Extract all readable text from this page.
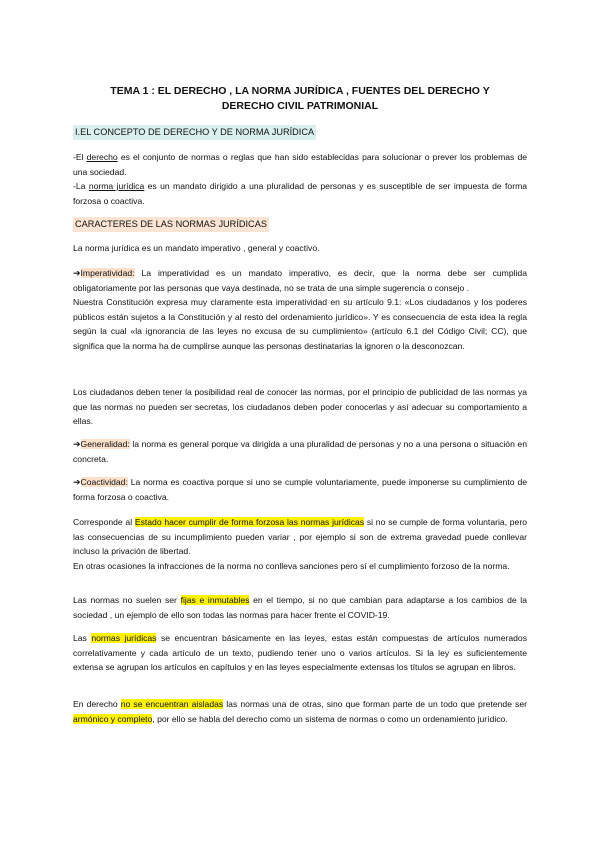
TEMA 1 : EL DERECHO , LA NORMA JURÍDICA , FUENTES DEL DERECHO Y
DERECHO CIVIL PATRIMONIAL
I.EL CONCEPTO DE DERECHO Y DE NORMA JURÍDICA
-El derecho es el conjunto de normas o reglas que han sido establecidas para solucionar o prever los problemas de una sociedad.
-La norma jurídica es un mandato dirigido a una pluralidad de personas y es susceptible de ser impuesta de forma forzosa o coactiva.
CARACTERES DE LAS NORMAS JURÍDICAS
La norma jurídica es un mandato imperativo , general y coactivo.
➔Imperatividad: La imperatividad es un mandato imperativo, es decir, que la norma debe ser cumplida obligatoriamente por las personas que vaya destinada, no se trata de una simple sugerencia o consejo .
Nuestra Constitución expresa muy claramente esta imperatividad en su artículo 9.1: «Los ciudadanos y los poderes públicos están sujetos a la Constitución y al resto del ordenamiento jurídico». Y es consecuencia de esta idea la regla según la cual «la ignorancia de las leyes no excusa de su cumplimiento» (artículo 6.1 del Código Civil; CC), que significa que la norma ha de cumplirse aunque las personas destinatarias la ignoren o la desconozcan.
Los ciudadanos deben tener la posibilidad real de conocer las normas, por el principio de publicidad de las normas ya que las normas no pueden ser secretas, los ciudadanos deben poder conocerlas y así adecuar su comportamiento a ellas.
➔Generalidad: la norma es general porque va dirigida a una pluralidad de personas y no a una persona o situación en concreta.
➔Coactividad: La norma es coactiva porque si uno se cumple voluntariamente, puede imponerse su cumplimiento de forma forzosa o coactiva.
Corresponde al Estado hacer cumplir de forma forzosa las normas jurídicas si no se cumple de forma voluntaria, pero las consecuencias de su incumplimiento pueden variar , por ejemplo si son de extrema gravedad puede conllevar incluso la privación de libertad.
En otras ocasiones la infracciones de la norma no conlleva sanciones pero sí el cumplimiento forzoso de la norma.
Las normas no suelen ser fijas e inmutables en el tiempo, si no que cambian para adaptarse a los cambios de la sociedad , un ejemplo de ello son todas las normas para hacer frente el COVID-19.
Las normas jurídicas se encuentran básicamente en las leyes, estas están compuestas de artículos numerados correlativamente y cada artículo de un texto, pudiendo tener uno o varios artículos. Si la ley es suficientemente extensa se agrupan los artículos en capítulos y en las leyes especialmente extensas los títulos se agrupan en libros.
En derecho no se encuentran aisladas las normas una de otras, sino que forman parte de un todo que pretende ser armónico y completo, por ello se habla del derecho como un sistema de normas o como un ordenamiento jurídico.
